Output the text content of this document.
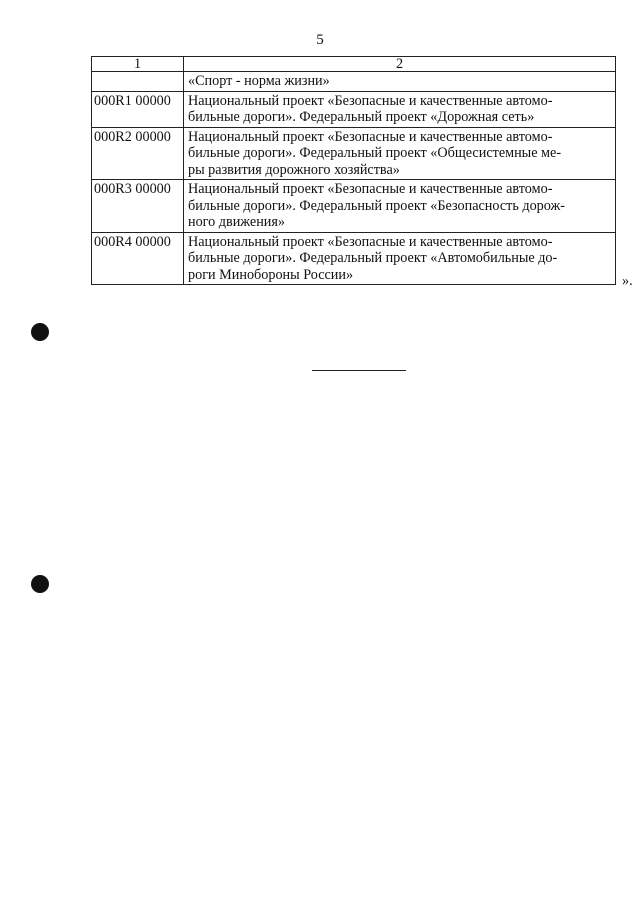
5
1	2

	«Спорт - норма жизни»

000R1 00000	Национальный проект «Безопасные и качественные автомо-
бильные дороги». Федеральный проект «Дорожная сеть»

000R2 00000	Национальный проект «Безопасные и качественные автомо-
бильные дороги». Федеральный проект «Общесистемные ме-
ры развития дорожного хозяйства»

000R3 00000	Национальный проект «Безопасные и качественные автомо-
бильные дороги». Федеральный проект «Безопасность дорож-
ного движения»

000R4 00000	Национальный проект «Безопасные и качественные автомо-
бильные дороги». Федеральный проект «Автомобильные до-
роги Минобороны России»	».
